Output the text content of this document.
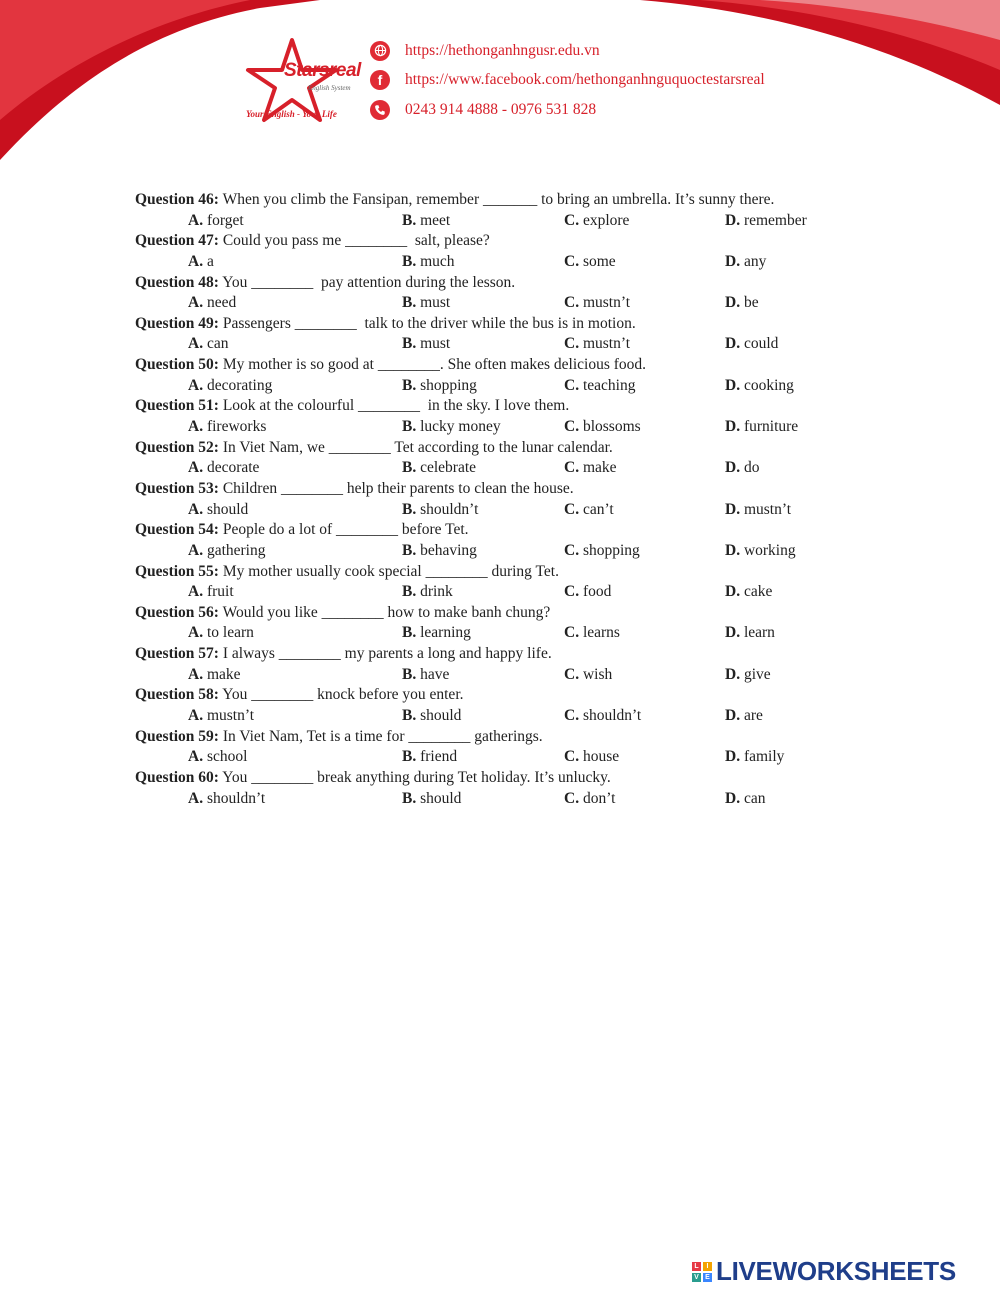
Starsreal
English System
Your English - Your Life
https://hethonganhngusr.edu.vn
f https://www.facebook.com/hethonganhnguquoctestarsreal
0243 914 4888 - 0976 531 828
Question 46: When you climb the Fansipan, remember _______ to bring an umbrella. It’s sunny there.
A. forget	B. meet	C. explore	D. remember
Question 47: Could you pass me ________  salt, please?
A. a	B. much	C. some	D. any
Question 48: You ________  pay attention during the lesson.
A. need	B. must	C. mustn’t	D. be
Question 49: Passengers ________  talk to the driver while the bus is in motion.
A. can	B. must	C. mustn’t	D. could
Question 50: My mother is so good at ________. She often makes delicious food.
A. decorating	B. shopping	C. teaching	D. cooking
Question 51: Look at the colourful ________  in the sky. I love them.
A. fireworks	B. lucky money	C. blossoms	D. furniture
Question 52: In Viet Nam, we ________ Tet according to the lunar calendar.
A. decorate	B. celebrate	C. make	D. do
Question 53: Children ________ help their parents to clean the house.
A. should	B. shouldn’t	C. can’t	D. mustn’t
Question 54: People do a lot of ________ before Tet.
A. gathering	B. behaving	C. shopping	D. working
Question 55: My mother usually cook special ________ during Tet.
A. fruit	B. drink	C. food	D. cake
Question 56: Would you like ________ how to make banh chung?
A. to learn	B. learning	C. learns	D. learn
Question 57: I always ________ my parents a long and happy life.
A. make	B. have	C. wish	D. give
Question 58: You ________ knock before you enter.
A. mustn’t	B. should	C. shouldn’t	D. are
Question 59: In Viet Nam, Tet is a time for ________ gatherings.
A. school	B. friend	C. house	D. family
Question 60: You ________ break anything during Tet holiday. It’s unlucky.
A. shouldn’t	B. should	C. don’t	D. can
L	I
V E LIVEWORKSHEETS
